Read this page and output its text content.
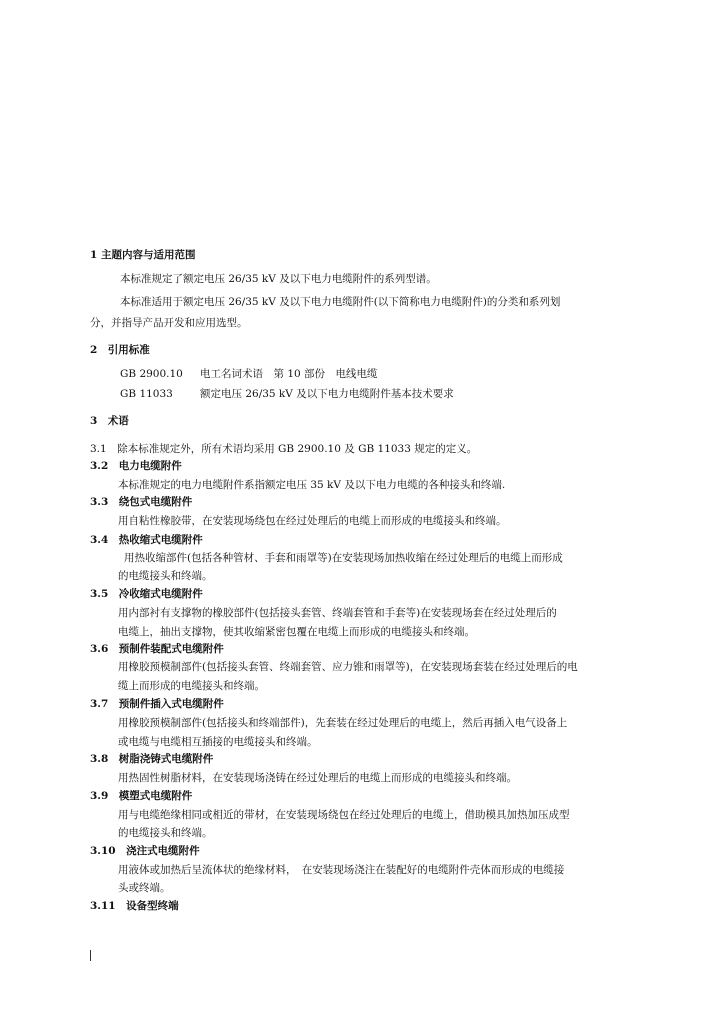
1 主题内容与适用范围
本标准规定了额定电压 26/35 kV 及以下电力电缆附件的系列型谱。
本标准适用于额定电压 26/35 kV 及以下电力电缆附件(以下简称电力电缆附件)的分类和系列划
分，并指导产品开发和应用选型。
2　引用标准
GB 2900.10 电工名词术语　第 10 部份　电线电缆
GB 11033	额定电压 26/35 kV 及以下电力电缆附件基本技术要求
3　术语
3.1　除本标准规定外，所有术语均采用 GB 2900.10 及 GB 11033 规定的定义。
3.2　电力电缆附件
本标准规定的电力电缆附件系指额定电压 35 kV 及以下电力电缆的各种接头和终端.
3.3　绕包式电缆附件
用自粘性橡胶带，在安装现场绕包在经过处理后的电缆上而形成的电缆接头和终端。
3.4　热收缩式电缆附件
用热收缩部件(包括各种管材、手套和雨罩等)在安装现场加热收缩在经过处理后的电缆上而形成
的电缆接头和终端。
3.5　冷收缩式电缆附件
用内部衬有支撑物的橡胶部件(包括接头套管、终端套管和手套等)在安装现场套在经过处理后的
电缆上，抽出支撑物，使其收缩紧密包覆在电缆上而形成的电缆接头和终端。
3.6　预制件装配式电缆附件
用橡胶预模制部件(包括接头套管、终端套管、应力锥和雨罩等)，在安装现场套装在经过处理后的电
缆上而形成的电缆接头和终端。
3.7　预制件插入式电缆附件
用橡胶预模制部件(包括接头和终端部件)，先套装在经过处理后的电缆上，然后再插入电气设备上
或电缆与电缆相互插接的电缆接头和终端。
3.8　树脂浇铸式电缆附件
用热固性树脂材料，在安装现场浇铸在经过处理后的电缆上而形成的电缆接头和终端。
3.9　模塑式电缆附件
用与电缆绝缘相同或相近的带材，在安装现场绕包在经过处理后的电缆上，借助模具加热加压成型
的电缆接头和终端。
3.10　浇注式电缆附件
用液体或加热后呈流体状的绝缘材料，　在安装现场浇注在装配好的电缆附件壳体而形成的电缆接
头或终端。
3.11　设备型终端
